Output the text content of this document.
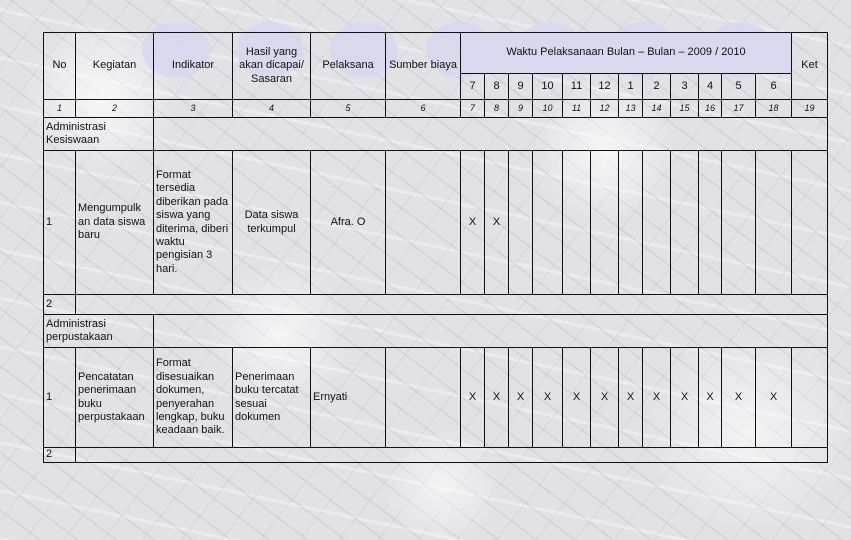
No	Kegiatan	Indikator	Hasil yang akan dicapai/ Sasaran	Pelaksana	Sumber biaya	Waktu Pelaksanaan Bulan – Bulan – 2009 / 2010												Ket
						7	8	9	10	11	12	1	2	3	4	5	6	
1	2	3	4	5	6	7	8	9	10	11	12	13	14	15	16	17	18	19
Administrasi Kesiswaan																		
1	Mengumpulk an data siswa baru	Format tersedia diberikan pada siswa yang diterima, diberi waktu pengisian 3 hari.	Data siswa terkumpul	Afra. O		X	X											
2																		
Administrasi perpustakaan																		
1	Pencatatan penerimaan buku perpustakaan	Format disesuaikan dokumen, penyerahan lengkap, buku keadaan baik.	Penerimaan buku tercatat sesuai dokumen	Ernyati		X	X	X	X	X	X	X	X	X	X	X	X	
2																		
